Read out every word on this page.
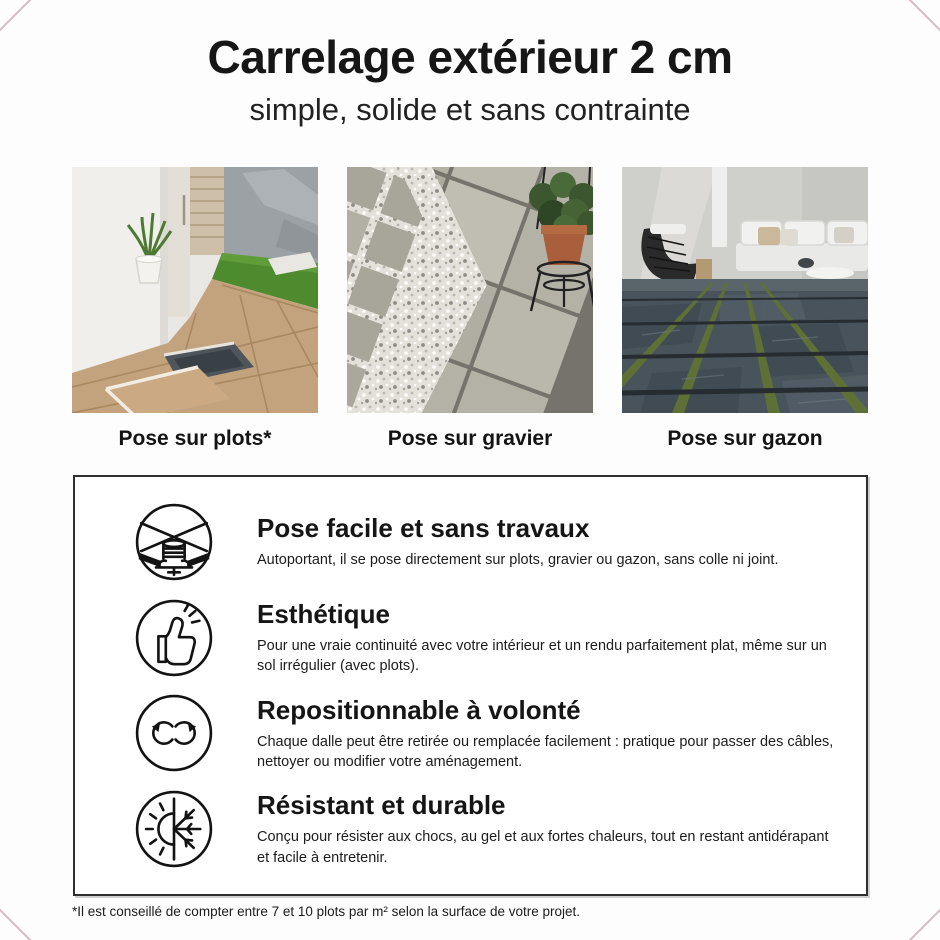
Carrelage extérieur 2 cm
simple, solide et sans contrainte
Pose sur plots*	Pose sur gravier	Pose sur gazon
Pose facile et sans travaux

Autoportant, il se pose directement sur plots, gravier ou gazon, sans colle ni joint.

Esthétique

Pour une vraie continuité avec votre intérieur et un rendu parfaitement plat, même sur un sol irrégulier (avec plots).

Repositionnable à volonté

Chaque dalle peut être retirée ou remplacée facilement : pratique pour passer des câbles, nettoyer ou modifier votre aménagement.

Résistant et durable

Conçu pour résister aux chocs, au gel et aux fortes chaleurs, tout en restant antidérapant et facile à entretenir.

*Il est conseillé de compter entre 7 et 10 plots par m² selon la surface de votre projet.
